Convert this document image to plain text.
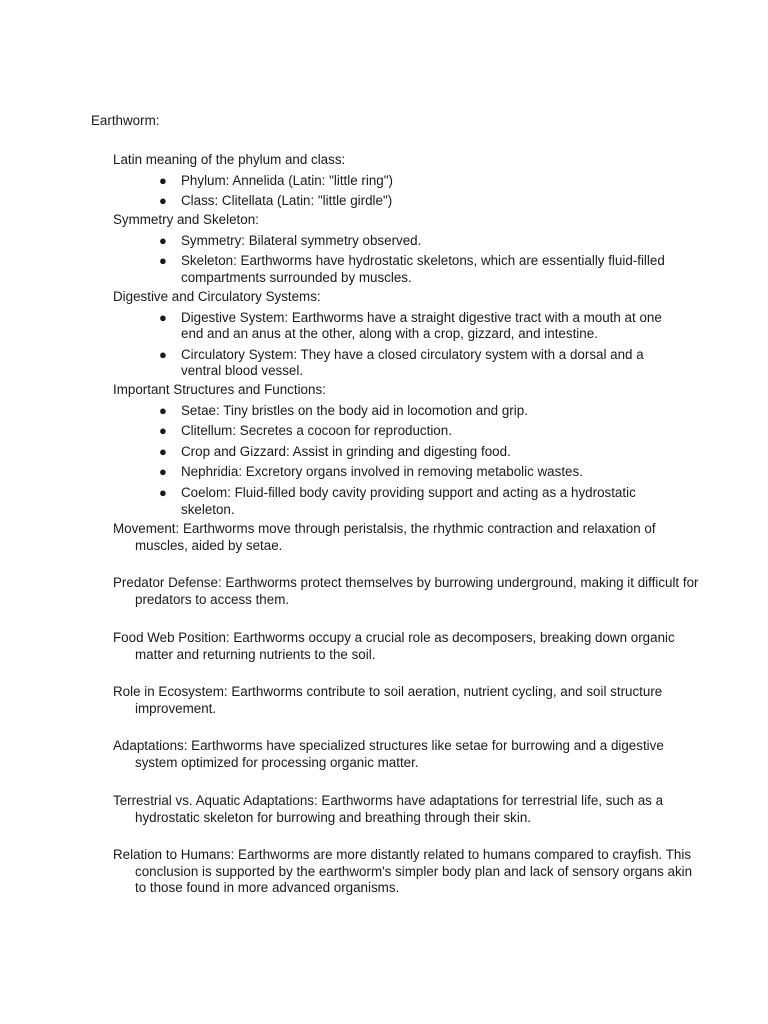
Earthworm:
Latin meaning of the phylum and class:
● Phylum: Annelida (Latin: "little ring")
● Class: Clitellata (Latin: "little girdle")
Symmetry and Skeleton:
● Symmetry: Bilateral symmetry observed.
● Skeleton: Earthworms have hydrostatic skeletons, which are essentially fluid-filled compartments surrounded by muscles.
Digestive and Circulatory Systems:
● Digestive System: Earthworms have a straight digestive tract with a mouth at one end and an anus at the other, along with a crop, gizzard, and intestine.
● Circulatory System: They have a closed circulatory system with a dorsal and a ventral blood vessel.
Important Structures and Functions:
● Setae: Tiny bristles on the body aid in locomotion and grip.
● Clitellum: Secretes a cocoon for reproduction.
● Crop and Gizzard: Assist in grinding and digesting food.
● Nephridia: Excretory organs involved in removing metabolic wastes.
● Coelom: Fluid-filled body cavity providing support and acting as a hydrostatic skeleton.
Movement: Earthworms move through peristalsis, the rhythmic contraction and relaxation of muscles, aided by setae.
Predator Defense: Earthworms protect themselves by burrowing underground, making it difficult for predators to access them.
Food Web Position: Earthworms occupy a crucial role as decomposers, breaking down organic matter and returning nutrients to the soil.
Role in Ecosystem: Earthworms contribute to soil aeration, nutrient cycling, and soil structure improvement.
Adaptations: Earthworms have specialized structures like setae for burrowing and a digestive system optimized for processing organic matter.
Terrestrial vs. Aquatic Adaptations: Earthworms have adaptations for terrestrial life, such as a hydrostatic skeleton for burrowing and breathing through their skin.
Relation to Humans: Earthworms are more distantly related to humans compared to crayfish. This conclusion is supported by the earthworm's simpler body plan and lack of sensory organs akin to those found in more advanced organisms.
